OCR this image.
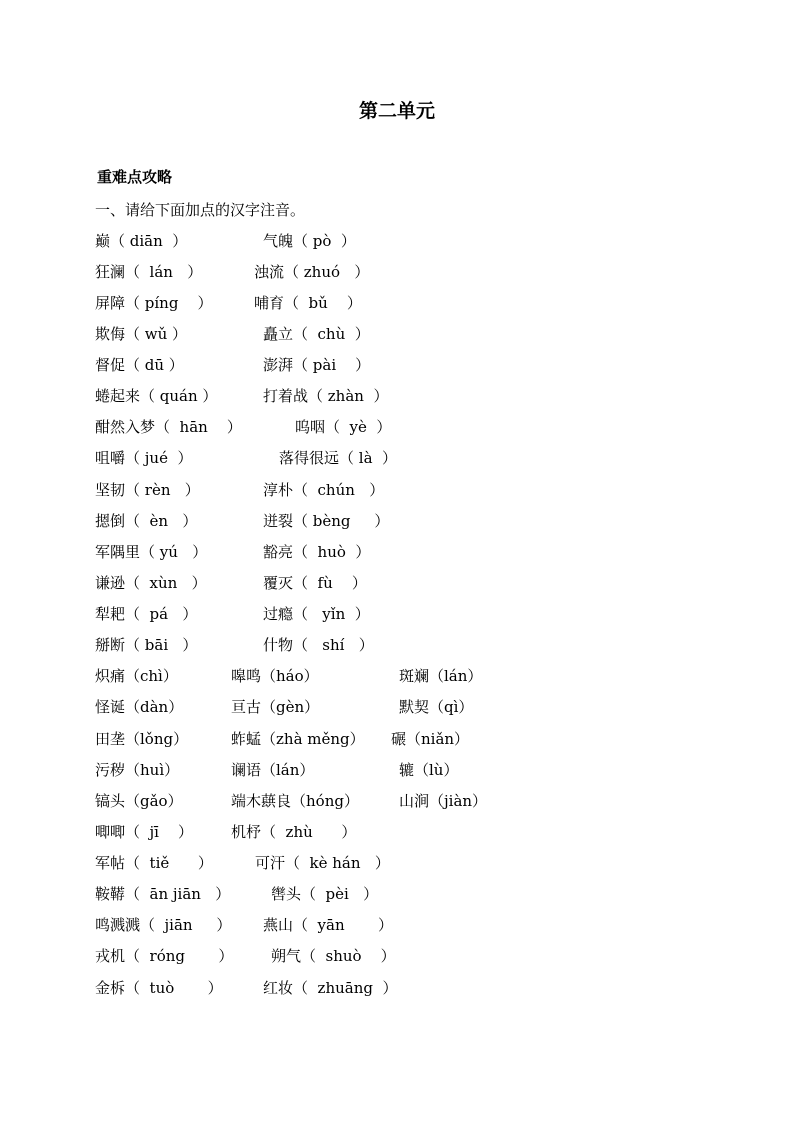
第二单元
重难点攻略
一、请给下面加点的汉字注音。
巅（ diān  ）	气魄（ pò  ）
狂澜（  lán   ）	浊流（ zhuó   ）
屏障（ píng    ）	哺育（  bǔ    ）
欺侮（ wǔ ）	矗立（  chù  ）
督促（ dū ）	澎湃（ pài    ）
蜷起来（ quán ）	打着战（ zhàn  ）
酣然入梦（  hān    ）	呜咽（  yè  ）
咀嚼（ jué  ）	落得很远（ là  ）
坚韧（ rèn   ）	淳朴（  chún   ）
摁倒（  èn   ）	迸裂（ bèng     ）
军隅里（ yú   ）	豁亮（  huò  ）
谦逊（  xùn   ）	覆灭（  fù    ）
犁耙（  pá   ）	过瘾（   yǐn  ）
掰断（ bāi   ）	什物（   shí   ）
炽痛（chì）	嗥鸣（háo）	斑斓（lán）
怪诞（dàn）	亘古（gèn）	默契（qì）
田垄（lǒng）	蚱蜢（zhà měng） 碾（niǎn）
污秽（huì）	谰语（lán）	辘（lù）
镐头（gǎo）	端木蕻良（hóng）	山涧（jiàn）
唧唧（  jī    ）	机杼（  zhù      ）
军帖（  tiě      ）	可汗（  kè hán   ）
鞍鞯（  ān jiān   ）	辔头（  pèi   ）
鸣溅溅（  jiān     ） 燕山（  yān       ）
戎机（  róng       ）	朔气（  shuò    ）
金柝（  tuò       ）	红妆（  zhuāng  ）
